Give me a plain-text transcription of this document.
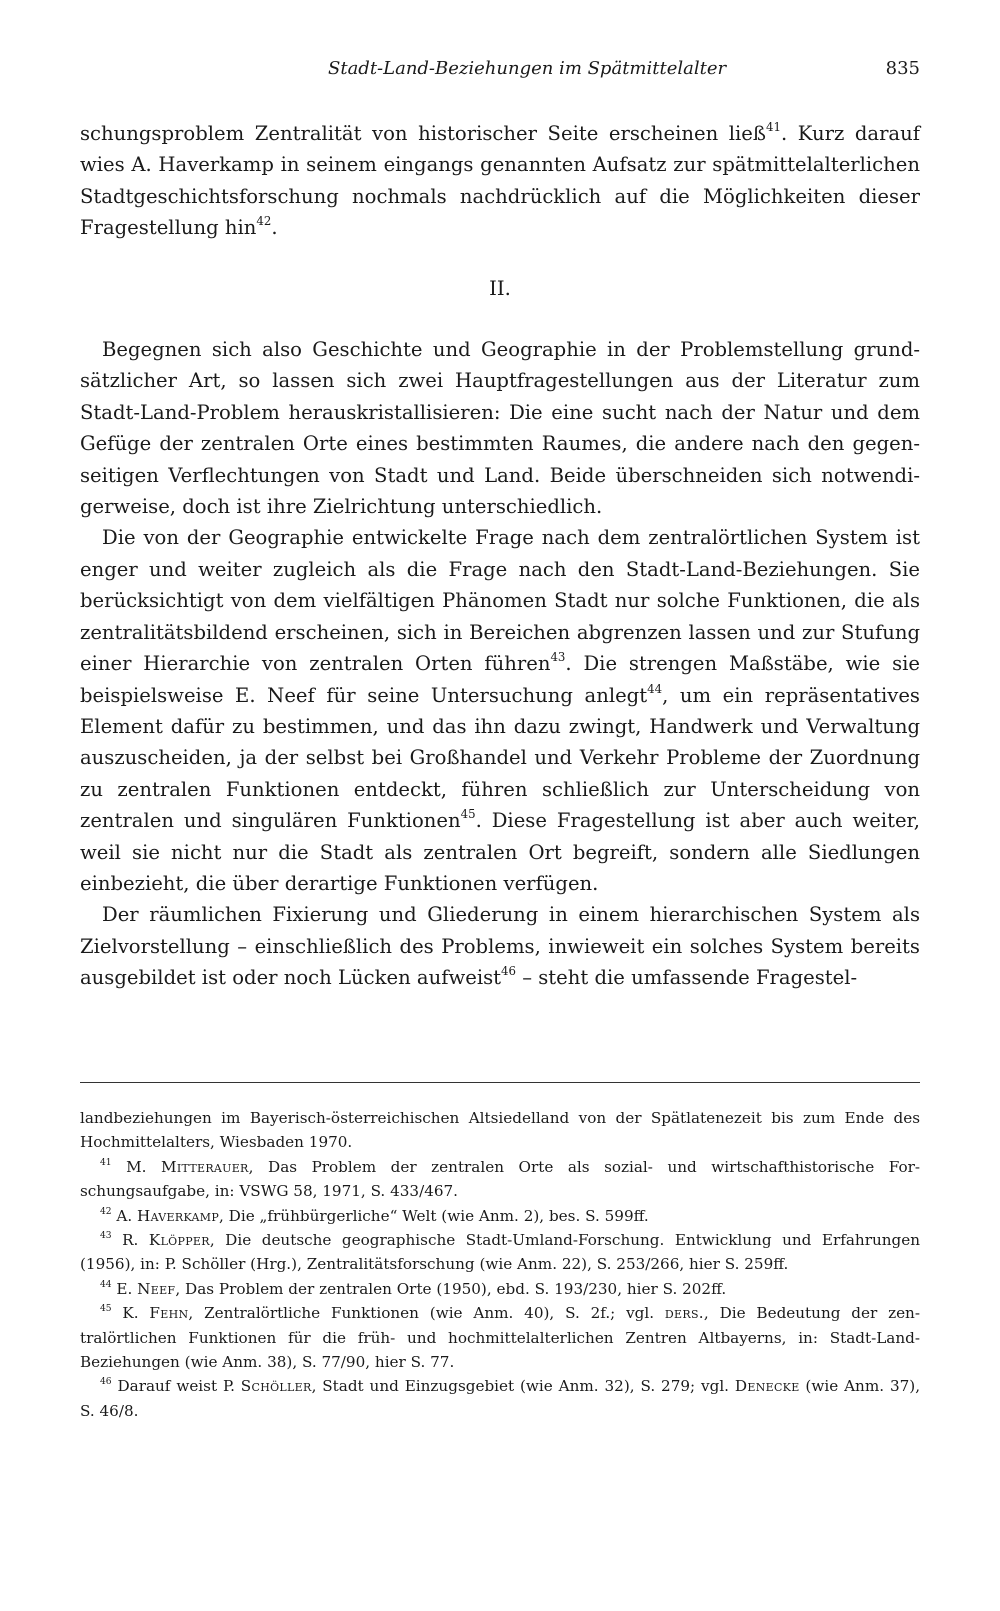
Stadt-Land-Beziehungen im Spätmittelalter	835

schungsproblem Zentralität von historischer Seite erscheinen ließ$^{41}$. Kurz darauf wies A. Haverkamp in seinem eingangs genannten Aufsatz zur spätmittelalterlichen Stadtgeschichtsforschung nochmals nachdrücklich auf die Möglichkeiten dieser Fragestellung hin$^{42}$.

II.

Begegnen sich also Geschichte und Geographie in der Problemstellung grundsätzlicher Art, so lassen sich zwei Hauptfragestellungen aus der Literatur zum Stadt-Land-Problem herauskristallisieren: Die eine sucht nach der Natur und dem Gefüge der zentralen Orte eines bestimmten Raumes, die andere nach den gegenseitigen Verflechtungen von Stadt und Land. Beide überschneiden sich notwendigerweise, doch ist ihre Zielrichtung unterschiedlich.

Die von der Geographie entwickelte Frage nach dem zentralörtlichen System ist enger und weiter zugleich als die Frage nach den Stadt-Land-Beziehungen. Sie berücksichtigt von dem vielfältigen Phänomen Stadt nur solche Funktionen, die als zentralitätsbildend erscheinen, sich in Bereichen abgrenzen lassen und zur Stufung einer Hierarchie von zentralen Orten führen$^{43}$. Die strengen Maßstäbe, wie sie beispielsweise E. Neef für seine Untersuchung anlegt$^{44}$, um ein repräsentatives Element dafür zu bestimmen, und das ihn dazu zwingt, Handwerk und Verwaltung auszuscheiden, ja der selbst bei Großhandel und Verkehr Probleme der Zuordnung zu zentralen Funktionen entdeckt, führen schließlich zur Unterscheidung von zentralen und singulären Funktionen$^{45}$. Diese Fragestellung ist aber auch weiter, weil sie nicht nur die Stadt als zentralen Ort begreift, sondern alle Siedlungen einbezieht, die über derartige Funktionen verfügen.

Der räumlichen Fixierung und Gliederung in einem hierarchischen System als Zielvorstellung – einschließlich des Problems, inwieweit ein solches System bereits ausgebildet ist oder noch Lücken aufweist$^{46}$ – steht die umfassende Fragestel-

landbeziehungen im Bayerisch-österreichischen Altsiedelland von der Spätlatenezeit bis zum Ende des Hochmittelalters, Wiesbaden 1970.

$^{41}$ M. Mitterauer, Das Problem der zentralen Orte als sozial- und wirtschafthistorische Forschungsaufgabe, in: VSWG 58, 1971, S. 433/467.

$^{42}$ A. Haverkamp, Die „frühbürgerliche“ Welt (wie Anm. 2), bes. S. 599ff.

$^{43}$ R. Klöpper, Die deutsche geographische Stadt-Umland-Forschung. Entwicklung und Erfahrungen (1956), in: P. Schöller (Hrg.), Zentralitätsforschung (wie Anm. 22), S. 253/266, hier S. 259ff.

$^{44}$ E. Neef, Das Problem der zentralen Orte (1950), ebd. S. 193/230, hier S. 202ff.

$^{45}$ K. Fehn, Zentralörtliche Funktionen (wie Anm. 40), S. 2f.; vgl. ders., Die Bedeutung der zentralörtlichen Funktionen für die früh- und hochmittelalterlichen Zentren Altbayerns, in: Stadt-Land-Beziehungen (wie Anm. 38), S. 77/90, hier S. 77.

$^{46}$ Darauf weist P. Schöller, Stadt und Einzugsgebiet (wie Anm. 32), S. 279; vgl. Denecke (wie Anm. 37), S. 46/8.
